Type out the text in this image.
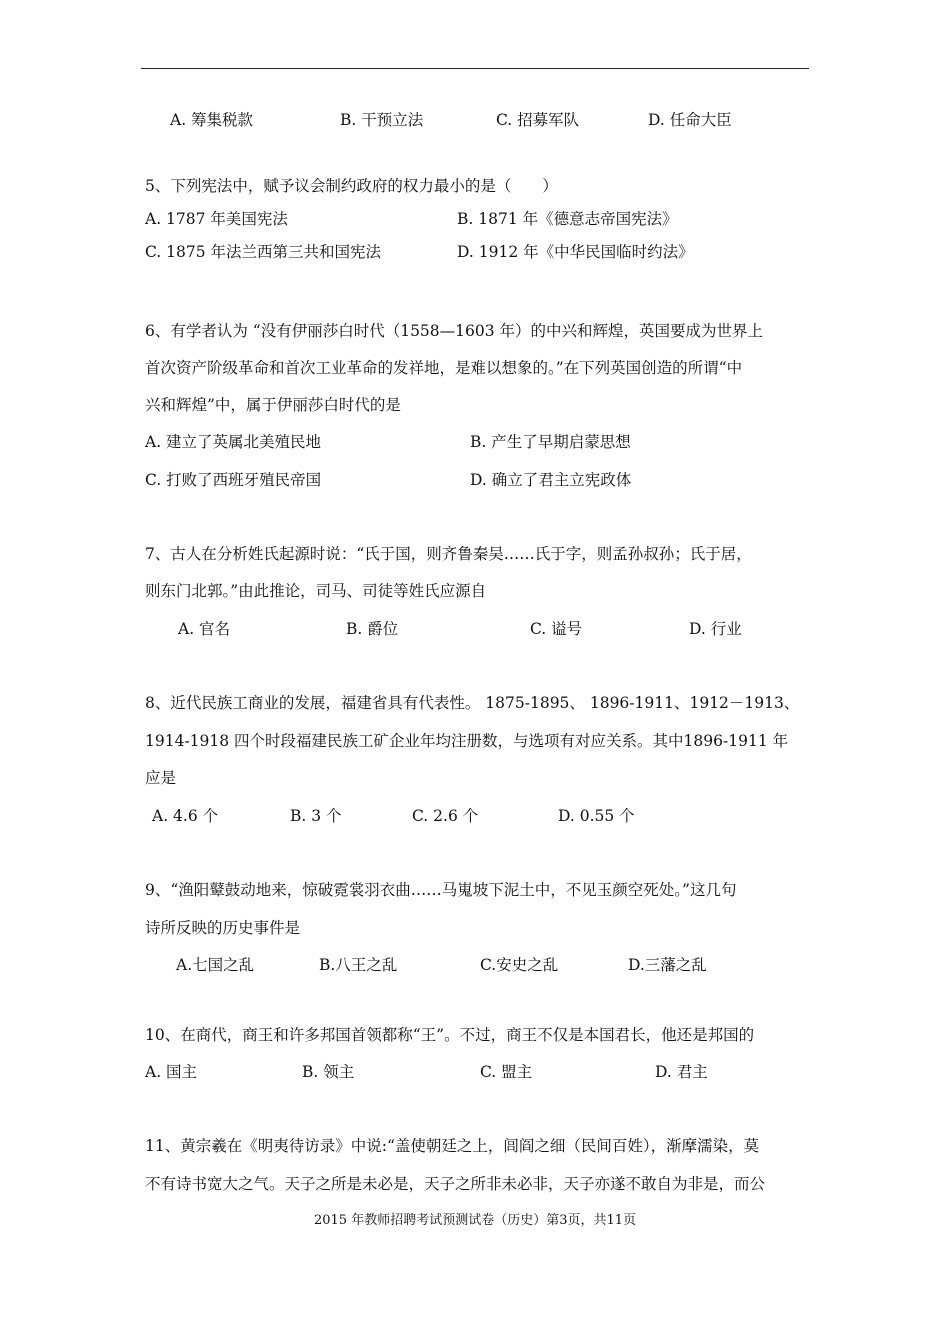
A. 筹集税款	B. 干预立法	C. 招募军队	D. 任命大臣
5、下列宪法中，赋予议会制约政府的权力最小的是（　　）
A. 1787 年美国宪法	B. 1871 年《德意志帝国宪法》
C. 1875 年法兰西第三共和国宪法	D. 1912 年《中华民国临时约法》
6、有学者认为 “没有伊丽莎白时代（1558—1603 年）的中兴和辉煌，英国要成为世界上
首次资产阶级革命和首次工业革命的发祥地，是难以想象的。”在下列英国创造的所谓“中
兴和辉煌”中，属于伊丽莎白时代的是
A. 建立了英属北美殖民地	B. 产生了早期启蒙思想
C. 打败了西班牙殖民帝国	D. 确立了君主立宪政体
7、古人在分析姓氏起源时说：“氏于国，则齐鲁秦吴……氏于字，则孟孙叔孙；氏于居，
则东门北郭。”由此推论，司马、司徒等姓氏应源自
A. 官名	B. 爵位	C. 谥号	D. 行业
8、近代民族工商业的发展，福建省具有代表性。 1875-1895、 1896-1911、1912－1913、
1914-1918 四个时段福建民族工矿企业年均注册数，与选项有对应关系。其中1896-1911 年
应是
A. 4.6 个	B. 3 个	C. 2.6 个	D. 0.55 个
9、“渔阳鼙鼓动地来，惊破霓裳羽衣曲……马嵬坡下泥土中，不见玉颜空死处。”这几句
诗所反映的历史事件是
A.七国之乱	B.八王之乱	C.安史之乱	D.三藩之乱
10、在商代，商王和许多邦国首领都称“王”。不过，商王不仅是本国君长，他还是邦国的
A. 国主	B. 领主	C. 盟主	D. 君主
11、黄宗羲在《明夷待访录》中说:“盖使朝廷之上，闾阎之细（民间百姓），渐摩濡染，莫
不有诗书宽大之气。天子之所是未必是，天子之所非未必非，天子亦遂不敢自为非是，而公
2015 年教师招聘考试预测试卷（历史）第3页，共11页
